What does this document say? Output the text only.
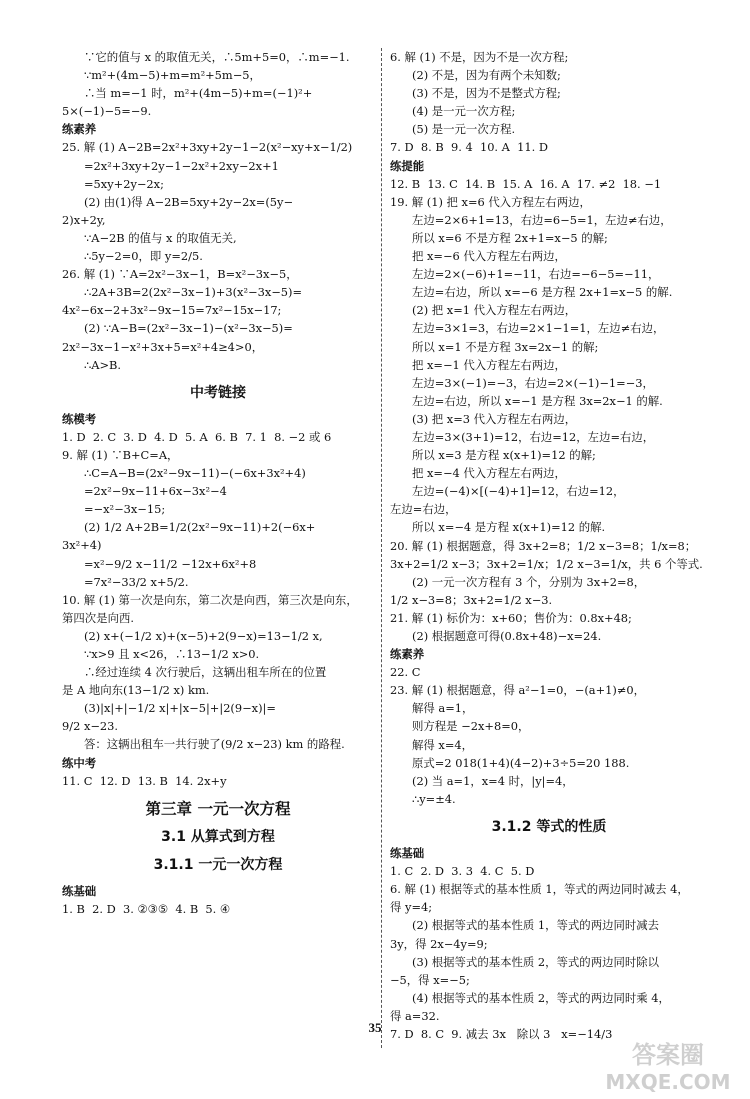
∵它的值与 x 的取值无关，∴5m+5=0，∴m=−1.
∵m²+(4m−5)+m=m²+5m−5，
∴当 m=−1 时，m²+(4m−5)+m=(−1)²+
5×(−1)−5=−9.
练素养
25. 解 (1) A−2B=2x²+3xy+2y−1−2(x²−xy+x−1/2)
=2x²+3xy+2y−1−2x²+2xy−2x+1
=5xy+2y−2x;
(2) 由(1)得 A−2B=5xy+2y−2x=(5y−
2)x+2y,
∵A−2B 的值与 x 的取值无关,
∴5y−2=0，即 y=2/5.
26. 解 (1) ∵A=2x²−3x−1，B=x²−3x−5，
∴2A+3B=2(2x²−3x−1)+3(x²−3x−5)=
4x²−6x−2+3x²−9x−15=7x²−15x−17;
(2) ∵A−B=(2x²−3x−1)−(x²−3x−5)=
2x²−3x−1−x²+3x+5=x²+4≥4>0，
∴A>B.
中考链接
练模考
1. D  2. C  3. D  4. D  5. A  6. B  7. 1  8. −2 或 6
9. 解 (1) ∵B+C=A，
∴C=A−B=(2x²−9x−11)−(−6x+3x²+4)
=2x²−9x−11+6x−3x²−4
=−x²−3x−15;
(2) 1/2 A+2B=1/2(2x²−9x−11)+2(−6x+
3x²+4)
=x²−9/2 x−11/2 −12x+6x²+8
=7x²−33/2 x+5/2.
10. 解 (1) 第一次是向东，第二次是向西，第三次是向东，
第四次是向西.
(2) x+(−1/2 x)+(x−5)+2(9−x)=13−1/2 x,
∵x>9 且 x<26，∴13−1/2 x>0.
∴经过连续 4 次行驶后，这辆出租车所在的位置
是 A 地向东(13−1/2 x) km.
(3)|x|+|−1/2 x|+|x−5|+|2(9−x)|=
9/2 x−23.
答：这辆出租车一共行驶了(9/2 x−23) km 的路程.
练中考
11. C  12. D  13. B  14. 2x+y
第三章 一元一次方程
3.1 从算式到方程
3.1.1 一元一次方程
练基础
1. B  2. D  3. ②③⑤  4. B  5. ④
6. 解 (1) 不是，因为不是一次方程;
(2) 不是，因为有两个未知数;
(3) 不是，因为不是整式方程;
(4) 是一元一次方程;
(5) 是一元一次方程.
7. D  8. B  9. 4  10. A  11. D
练提能
12. B  13. C  14. B  15. A  16. A  17. ≠2  18. −1
19. 解 (1) 把 x=6 代入方程左右两边，
左边=2×6+1=13，右边=6−5=1，左边≠右边，
所以 x=6 不是方程 2x+1=x−5 的解;
把 x=−6 代入方程左右两边，
左边=2×(−6)+1=−11，右边=−6−5=−11，
左边=右边，所以 x=−6 是方程 2x+1=x−5 的解.
(2) 把 x=1 代入方程左右两边，
左边=3×1=3，右边=2×1−1=1，左边≠右边，
所以 x=1 不是方程 3x=2x−1 的解;
把 x=−1 代入方程左右两边，
左边=3×(−1)=−3，右边=2×(−1)−1=−3，
左边=右边，所以 x=−1 是方程 3x=2x−1 的解.
(3) 把 x=3 代入方程左右两边，
左边=3×(3+1)=12，右边=12，左边=右边，
所以 x=3 是方程 x(x+1)=12 的解;
把 x=−4 代入方程左右两边，
左边=(−4)×[(−4)+1]=12，右边=12，
左边=右边，
所以 x=−4 是方程 x(x+1)=12 的解.
20. 解 (1) 根据题意，得 3x+2=8；1/2 x−3=8；1/x=8；
3x+2=1/2 x−3；3x+2=1/x；1/2 x−3=1/x，共 6 个等式.
(2) 一元一次方程有 3 个，分别为 3x+2=8，
1/2 x−3=8；3x+2=1/2 x−3.
21. 解 (1) 标价为：x+60；售价为：0.8x+48;
(2) 根据题意可得(0.8x+48)−x=24.
练素养
22. C
23. 解 (1) 根据题意，得 a²−1=0，−(a+1)≠0，
解得 a=1，
则方程是 −2x+8=0，
解得 x=4，
原式=2 018(1+4)(4−2)+3÷5=20 188.
(2) 当 a=1，x=4 时，|y|=4，
∴y=±4.
3.1.2 等式的性质
练基础
1. C  2. D  3. 3  4. C  5. D
6. 解 (1) 根据等式的基本性质 1，等式的两边同时减去 4，
得 y=4;
(2) 根据等式的基本性质 1，等式的两边同时减去
3y，得 2x−4y=9;
(3) 根据等式的基本性质 2，等式的两边同时除以
−5，得 x=−5;
(4) 根据等式的基本性质 2，等式的两边同时乘 4，
得 a=32.
7. D  8. C  9. 减去 3x   除以 3   x=−14/3
35
答案圈
MXQE.COM
